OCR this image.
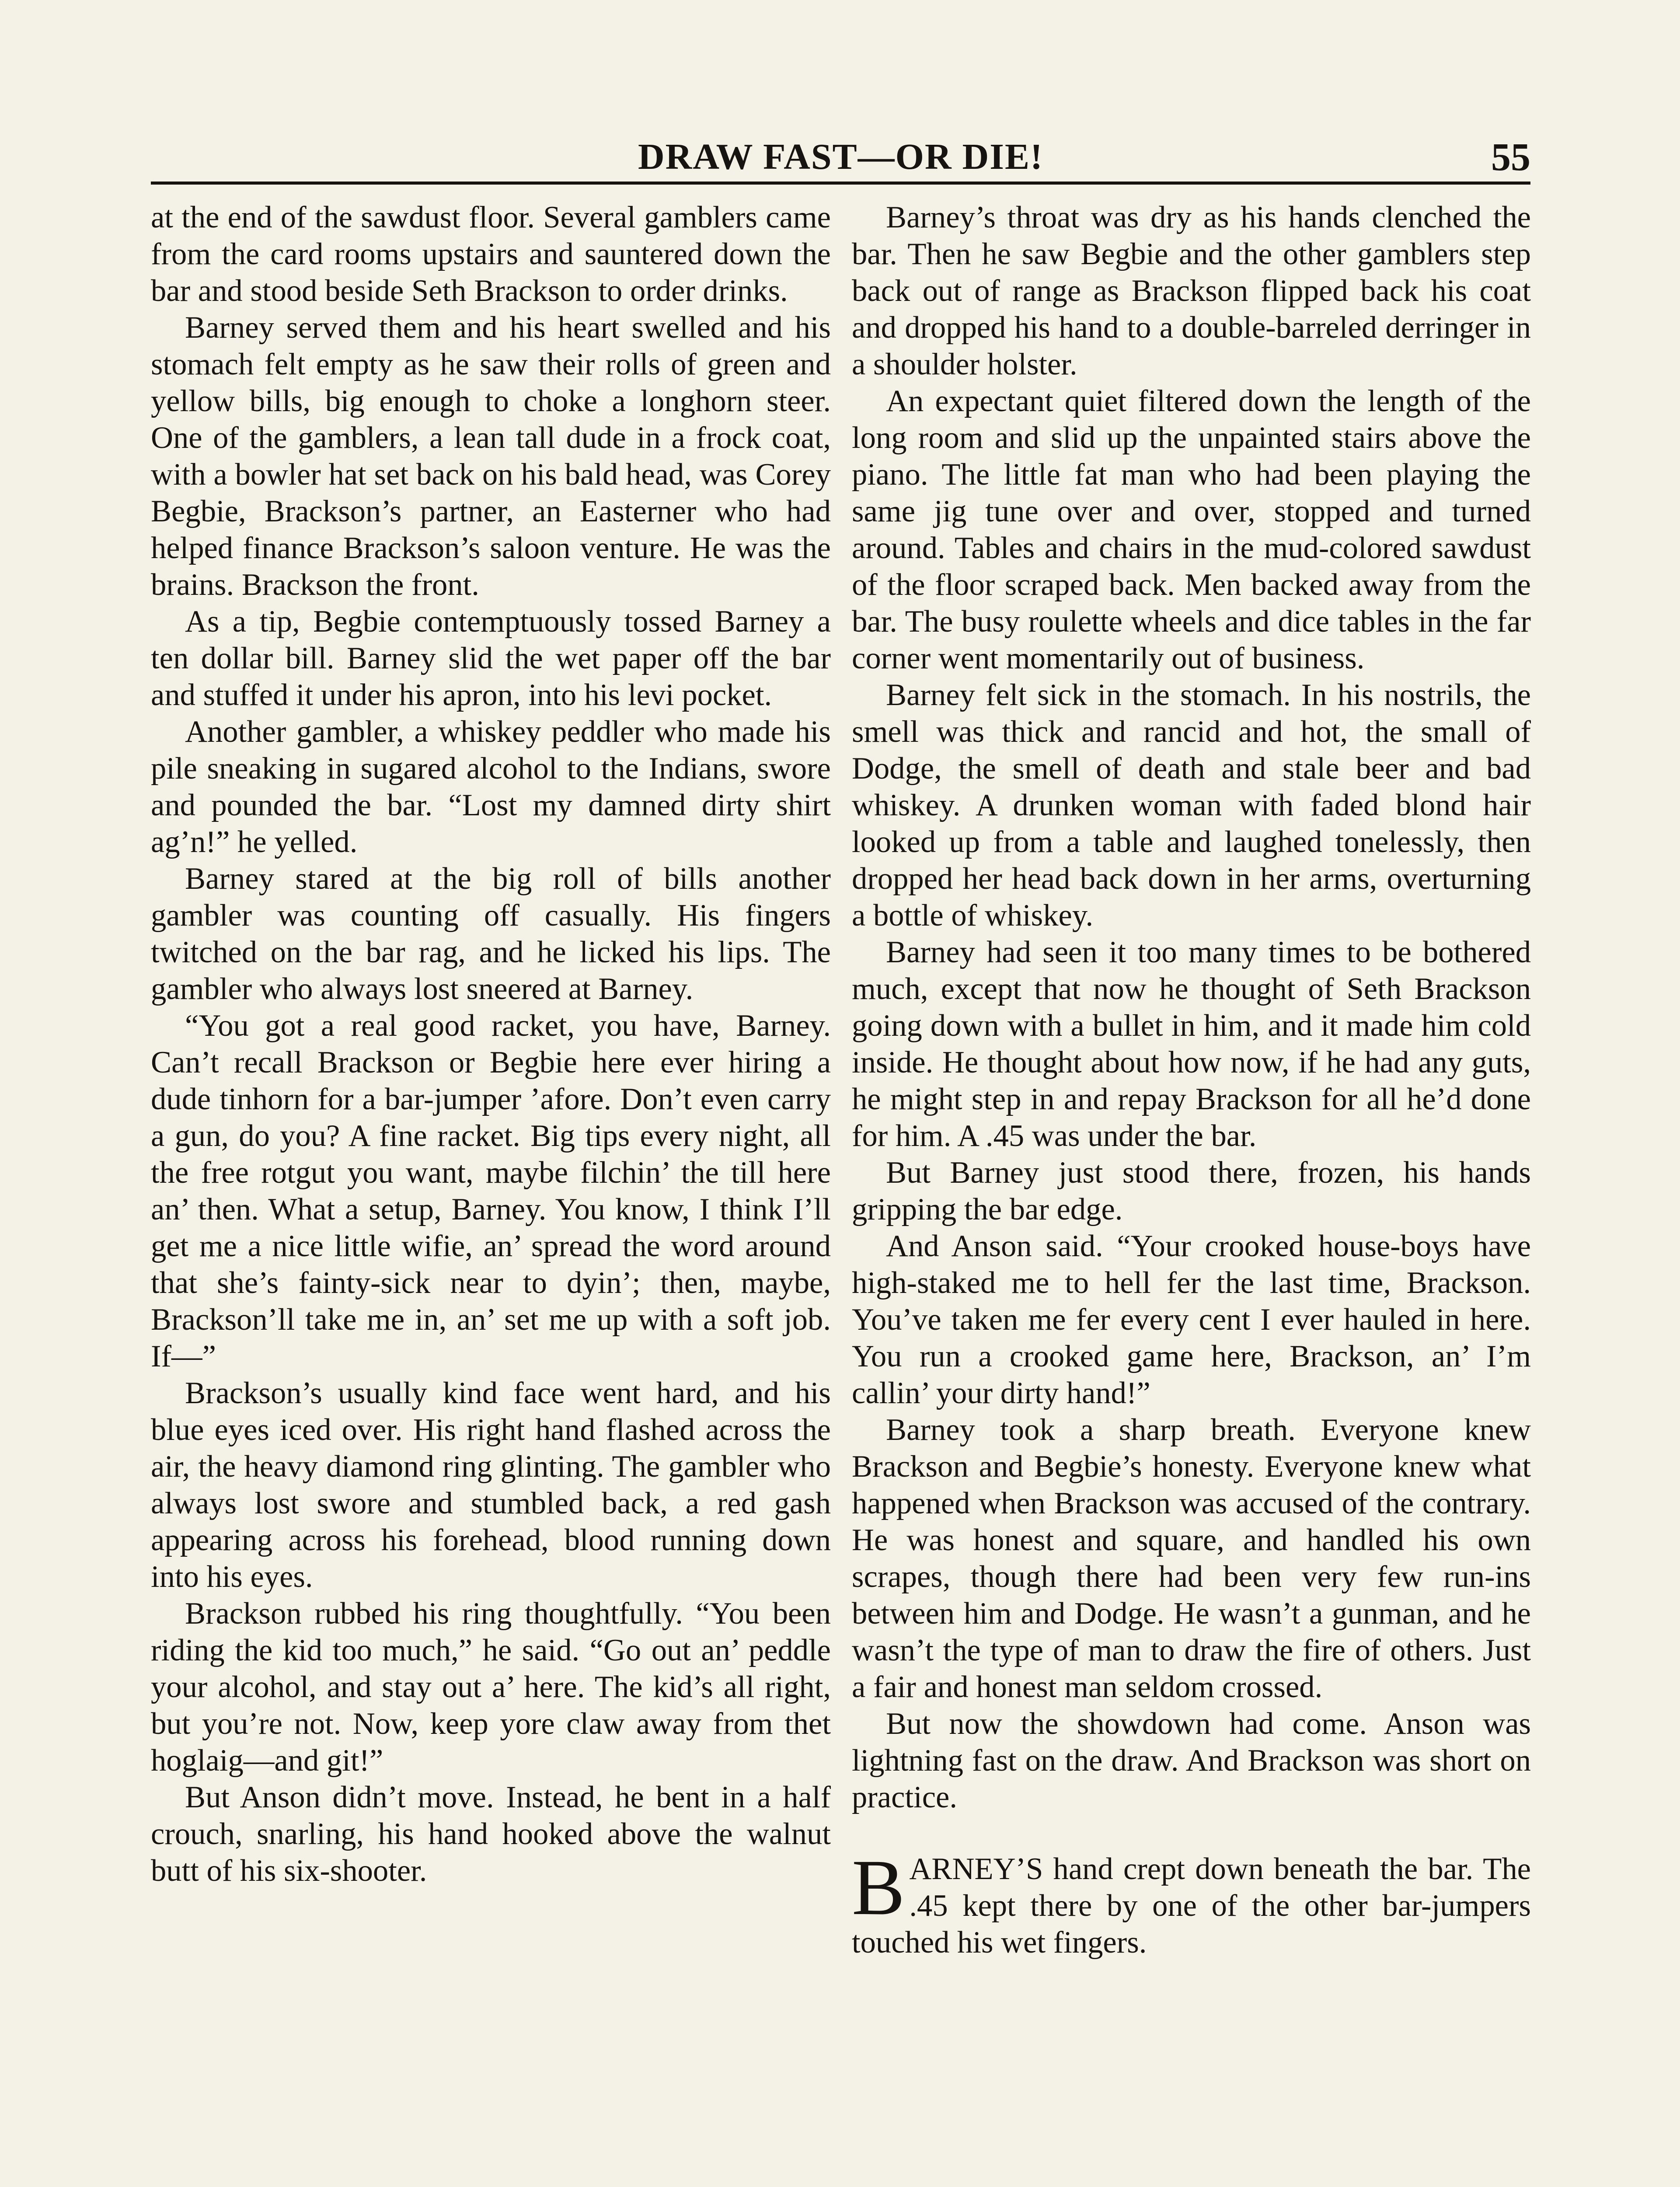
DRAW FAST—OR DIE!	55

at the end of the sawdust floor. Several gamblers came from the card rooms upstairs and sauntered down the bar and stood beside Seth Brackson to order drinks.

Barney served them and his heart swelled and his stomach felt empty as he saw their rolls of green and yellow bills, big enough to choke a longhorn steer. One of the gamblers, a lean tall dude in a frock coat, with a bowler hat set back on his bald head, was Corey Begbie, Brackson’s partner, an Easterner who had helped finance Brackson’s saloon venture. He was the brains. Brackson the front.

As a tip, Begbie contemptuously tossed Barney a ten dollar bill. Barney slid the wet paper off the bar and stuffed it under his apron, into his levi pocket.

Another gambler, a whiskey peddler who made his pile sneaking in sugared alcohol to the Indians, swore and pounded the bar. “Lost my damned dirty shirt ag’n!” he yelled.

Barney stared at the big roll of bills another gambler was counting off casually. His fingers twitched on the bar rag, and he licked his lips. The gambler who always lost sneered at Barney.

“You got a real good racket, you have, Barney. Can’t recall Brackson or Begbie here ever hiring a dude tinhorn for a bar-jumper ’afore. Don’t even carry a gun, do you? A fine racket. Big tips every night, all the free rotgut you want, maybe filchin’ the till here an’ then. What a setup, Barney. You know, I think I’ll get me a nice little wifie, an’ spread the word around that she’s fainty-sick near to dyin’; then, maybe, Brackson’ll take me in, an’ set me up with a soft job. If—”

Brackson’s usually kind face went hard, and his blue eyes iced over. His right hand flashed across the air, the heavy diamond ring glinting. The gambler who always lost swore and stumbled back, a red gash appearing across his forehead, blood running down into his eyes.

Brackson rubbed his ring thoughtfully. “You been riding the kid too much,” he said. “Go out an’ peddle your alcohol, and stay out a’ here. The kid’s all right, but you’re not. Now, keep yore claw away from thet hoglaig—and git!”

But Anson didn’t move. Instead, he bent in a half crouch, snarling, his hand hooked above the walnut butt of his six-shooter.

Barney’s throat was dry as his hands clenched the bar. Then he saw Begbie and the other gamblers step back out of range as Brackson flipped back his coat and dropped his hand to a double-barreled derringer in a shoulder holster.

An expectant quiet filtered down the length of the long room and slid up the unpainted stairs above the piano. The little fat man who had been playing the same jig tune over and over, stopped and turned around. Tables and chairs in the mud-colored sawdust of the floor scraped back. Men backed away from the bar. The busy roulette wheels and dice tables in the far corner went momentarily out of business.

Barney felt sick in the stomach. In his nostrils, the smell was thick and rancid and hot, the small of Dodge, the smell of death and stale beer and bad whiskey. A drunken woman with faded blond hair looked up from a table and laughed tonelessly, then dropped her head back down in her arms, overturning a bottle of whiskey.

Barney had seen it too many times to be bothered much, except that now he thought of Seth Brackson going down with a bullet in him, and it made him cold inside. He thought about how now, if he had any guts, he might step in and repay Brackson for all he’d done for him. A .45 was under the bar.

But Barney just stood there, frozen, his hands gripping the bar edge.

And Anson said. “Your crooked house-boys have high-staked me to hell fer the last time, Brackson. You’ve taken me fer every cent I ever hauled in here. You run a crooked game here, Brackson, an’ I’m callin’ your dirty hand!”

Barney took a sharp breath. Everyone knew Brackson and Begbie’s honesty. Everyone knew what happened when Brackson was accused of the contrary. He was honest and square, and handled his own scrapes, though there had been very few run-ins between him and Dodge. He wasn’t a gunman, and he wasn’t the type of man to draw the fire of others. Just a fair and honest man seldom crossed.

But now the showdown had come. Anson was lightning fast on the draw. And Brackson was short on practice.

BARNEY’S hand crept down beneath the bar. The .45 kept there by one of the other bar-jumpers touched his wet fingers.
